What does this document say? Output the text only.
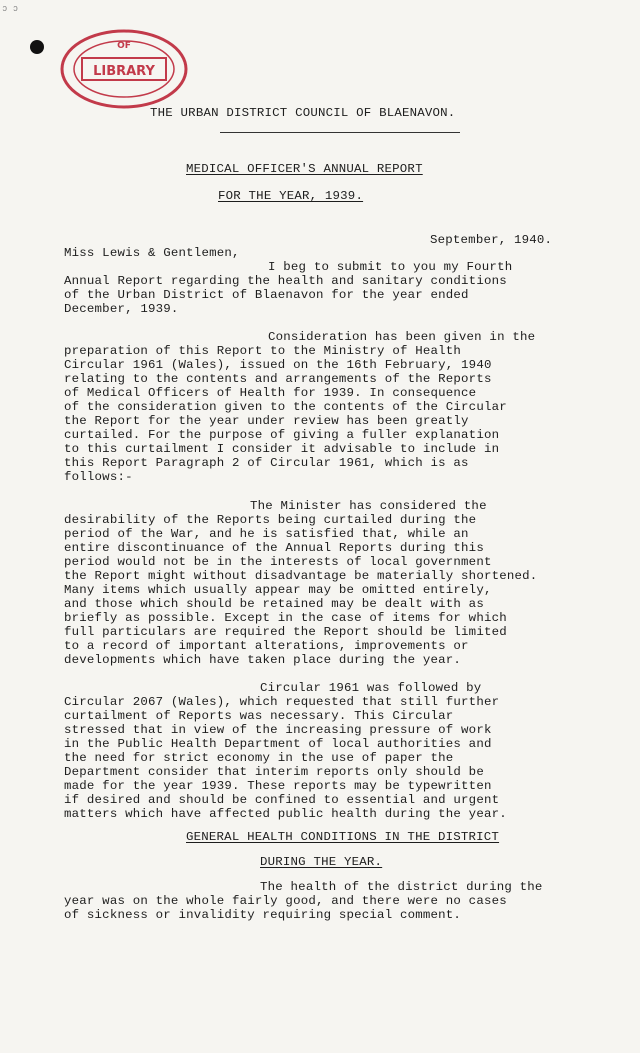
ↄ ↄ
LIBRARY
OF
THE URBAN DISTRICT COUNCIL OF BLAENAVON.
MEDICAL OFFICER'S ANNUAL REPORT
FOR THE YEAR, 1939.
September, 1940.
Miss Lewis & Gentlemen,
I beg to submit to you my Fourth
Annual Report regarding the health and sanitary conditions
of the Urban District of Blaenavon for the year ended
December, 1939.
Consideration has been given in the
preparation of this Report to the Ministry of Health
Circular 1961 (Wales), issued on the 16th February, 1940
relating to the contents and arrangements of the Reports
of Medical Officers of Health for 1939. In consequence
of the consideration given to the contents of the Circular
the Report for the year under review has been greatly
curtailed. For the purpose of giving a fuller explanation
to this curtailment I consider it advisable to include in
this Report Paragraph 2 of Circular 1961, which is as
follows:-
The Minister has considered the
desirability of the Reports being curtailed during the
period of the War, and he is satisfied that, while an
entire discontinuance of the Annual Reports during this
period would not be in the interests of local government
the Report might without disadvantage be materially shortened.
Many items which usually appear may be omitted entirely,
and those which should be retained may be dealt with as
briefly as possible. Except in the case of items for which
full particulars are required the Report should be limited
to a record of important alterations, improvements or
developments which have taken place during the year.
Circular 1961 was followed by
Circular 2067 (Wales), which requested that still further
curtailment of Reports was necessary. This Circular
stressed that in view of the increasing pressure of work
in the Public Health Department of local authorities and
the need for strict economy in the use of paper the
Department consider that interim reports only should be
made for the year 1939. These reports may be typewritten
if desired and should be confined to essential and urgent
matters which have affected public health during the year.
GENERAL HEALTH CONDITIONS IN THE DISTRICT
DURING THE YEAR.
The health of the district during the
year was on the whole fairly good, and there were no cases
of sickness or invalidity requiring special comment.
